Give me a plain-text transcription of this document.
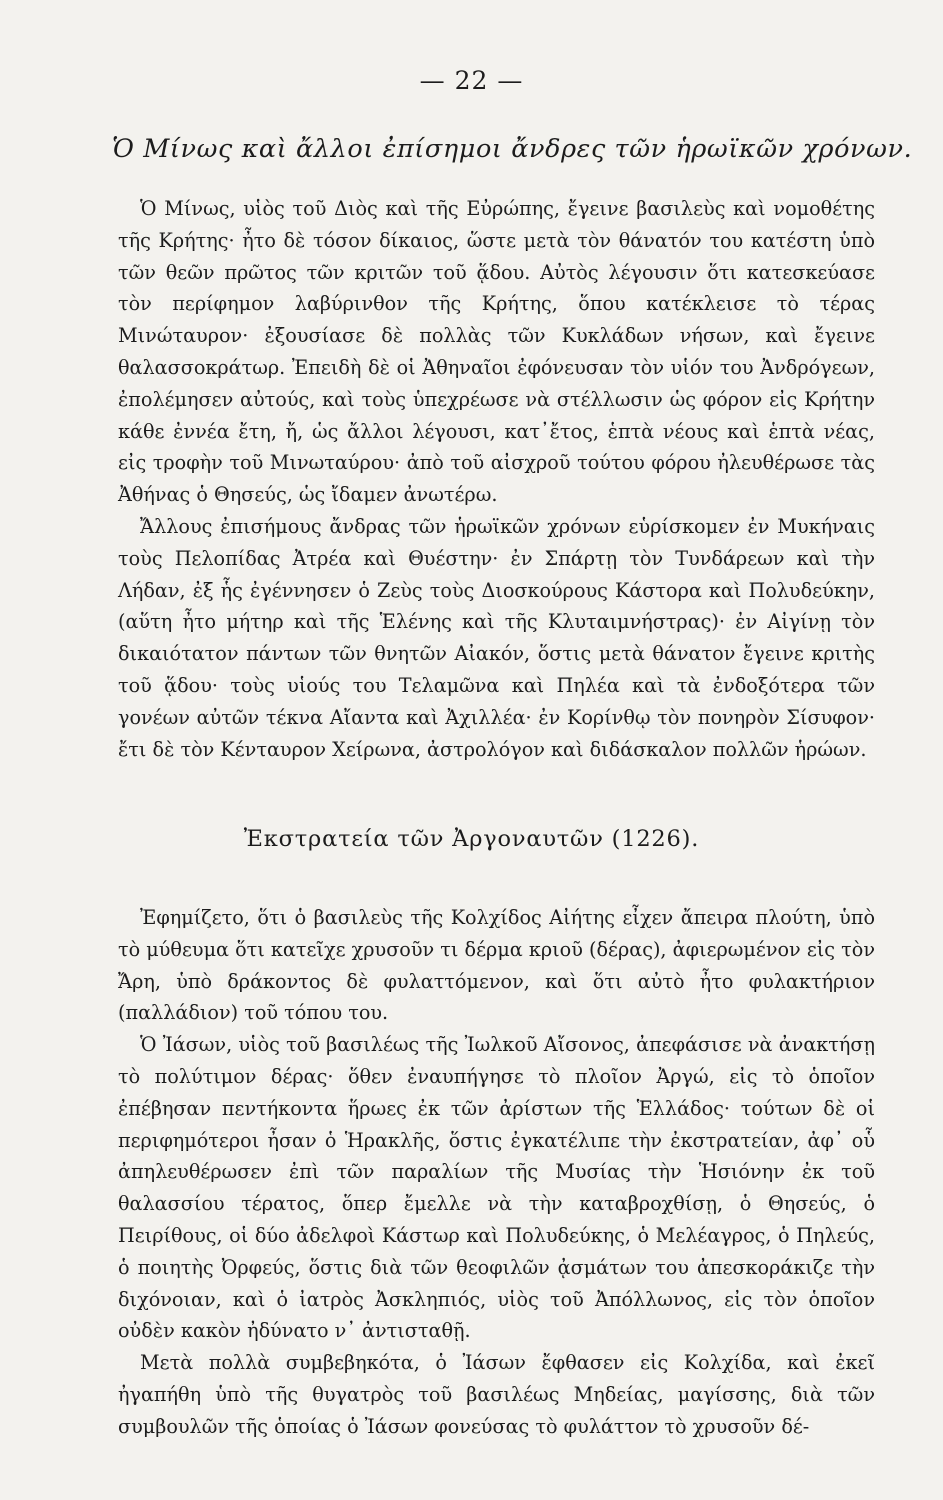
— 22 —
Ὁ Μίνως καὶ ἄλλοι ἐπίσημοι ἄνδρες τῶν ἡρωϊκῶν χρόνων.

Ὁ Μίνως, υἱὸς τοῦ Διὸς καὶ τῆς Εὐρώπης, ἔγεινε βασιλεὺς καὶ νομοθέτης τῆς Κρήτης· ἦτο δὲ τόσον δίκαιος, ὥστε μετὰ τὸν θάνατόν του κατέστη ὑπὸ τῶν θεῶν πρῶτος τῶν κριτῶν τοῦ ᾅδου. Αὐτὸς λέγουσιν ὅτι κατεσκεύασε τὸν περίφημον λαβύρινθον τῆς Κρήτης, ὅπου κατέκλεισε τὸ τέρας Μινώταυρον· ἐξουσίασε δὲ πολλὰς τῶν Κυκλάδων νήσων, καὶ ἔγεινε θαλασσοκράτωρ. Ἐπειδὴ δὲ οἱ Ἀθηναῖοι ἐφόνευσαν τὸν υἱόν του Ἀνδρόγεων, ἐπολέμησεν αὐτούς, καὶ τοὺς ὑπεχρέωσε νὰ στέλλωσιν ὡς φόρον εἰς Κρήτην κάθε ἐννέα ἔτη, ἤ, ὡς ἄλλοι λέγουσι, κατ᾽ἔτος, ἑπτὰ νέους καὶ ἑπτὰ νέας, εἰς τροφὴν τοῦ Μινωταύρου· ἀπὸ τοῦ αἰσχροῦ τούτου φόρου ἠλευθέρωσε τὰς Ἀθήνας ὁ Θησεύς, ὡς ἴδαμεν ἀνωτέρω.

Ἄλλους ἐπισήμους ἄνδρας τῶν ἡρωϊκῶν χρόνων εὑρίσκομεν ἐν Μυκήναις τοὺς Πελοπίδας Ἀτρέα καὶ Θυέστην· ἐν Σπάρτῃ τὸν Τυνδάρεων καὶ τὴν Λήδαν, ἐξ ἧς ἐγέννησεν ὁ Ζεὺς τοὺς Διοσκούρους Κάστορα καὶ Πολυδεύκην, (αὕτη ἦτο μήτηρ καὶ τῆς Ἑλένης καὶ τῆς Κλυταιμνήστρας)· ἐν Αἰγίνῃ τὸν δικαιότατον πάντων τῶν θνητῶν Αἰακόν, ὅστις μετὰ θάνατον ἔγεινε κριτὴς τοῦ ᾅδου· τοὺς υἱούς του Τελαμῶνα καὶ Πηλέα καὶ τὰ ἐνδοξότερα τῶν γονέων αὐτῶν τέκνα Αἴαντα καὶ Ἀχιλλέα· ἐν Κορίνθῳ τὸν πονηρὸν Σίσυφον· ἔτι δὲ τὸν Κένταυρον Χείρωνα, ἀστρολόγον καὶ διδάσκαλον πολλῶν ἡρώων.

Ἐκστρατεία τῶν Ἀργοναυτῶν (1226).

Ἐφημίζετο, ὅτι ὁ βασιλεὺς τῆς Κολχίδος Αἰήτης εἶχεν ἄπειρα πλούτη, ὑπὸ τὸ μύθευμα ὅτι κατεῖχε χρυσοῦν τι δέρμα κριοῦ (δέρας), ἀφιερωμένον εἰς τὸν Ἄρη, ὑπὸ δράκοντος δὲ φυλαττόμενον, καὶ ὅτι αὐτὸ ἦτο φυλακτήριον (παλλάδιον) τοῦ τόπου του.

Ὁ Ἰάσων, υἱὸς τοῦ βασιλέως τῆς Ἰωλκοῦ Αἴσονος, ἀπεφάσισε νὰ ἀνακτήσῃ τὸ πολύτιμον δέρας· ὅθεν ἐναυπήγησε τὸ πλοῖον Ἀργώ, εἰς τὸ ὁποῖον ἐπέβησαν πεντήκοντα ἥρωες ἐκ τῶν ἀρίστων τῆς Ἑλλάδος· τούτων δὲ οἱ περιφημότεροι ἦσαν ὁ Ἡρακλῆς, ὅστις ἐγκατέλιπε τὴν ἐκστρατείαν, ἀφ᾽ οὗ ἀπηλευθέρωσεν ἐπὶ τῶν παραλίων τῆς Μυσίας τὴν Ἡσιόνην ἐκ τοῦ θαλασσίου τέρατος, ὅπερ ἔμελλε νὰ τὴν καταβροχθίσῃ, ὁ Θησεύς, ὁ Πειρίθους, οἱ δύο ἀδελφοὶ Κάστωρ καὶ Πολυδεύκης, ὁ Μελέαγρος, ὁ Πηλεύς, ὁ ποιητὴς Ὀρφεύς, ὅστις διὰ τῶν θεοφιλῶν ᾀσμάτων του ἀπεσκοράκιζε τὴν διχόνοιαν, καὶ ὁ ἰατρὸς Ἀσκληπιός, υἱὸς τοῦ Ἀπόλλωνος, εἰς τὸν ὁποῖον οὐδὲν κακὸν ἠδύνατο ν᾽ ἀντισταθῇ.

Μετὰ πολλὰ συμβεβηκότα, ὁ Ἰάσων ἔφθασεν εἰς Κολχίδα, καὶ ἐκεῖ ἠγαπήθη ὑπὸ τῆς θυγατρὸς τοῦ βασιλέως Μηδείας, μαγίσσης, διὰ τῶν συμβουλῶν τῆς ὁποίας ὁ Ἰάσων φονεύσας τὸ φυλάττον τὸ χρυσοῦν δέ-
